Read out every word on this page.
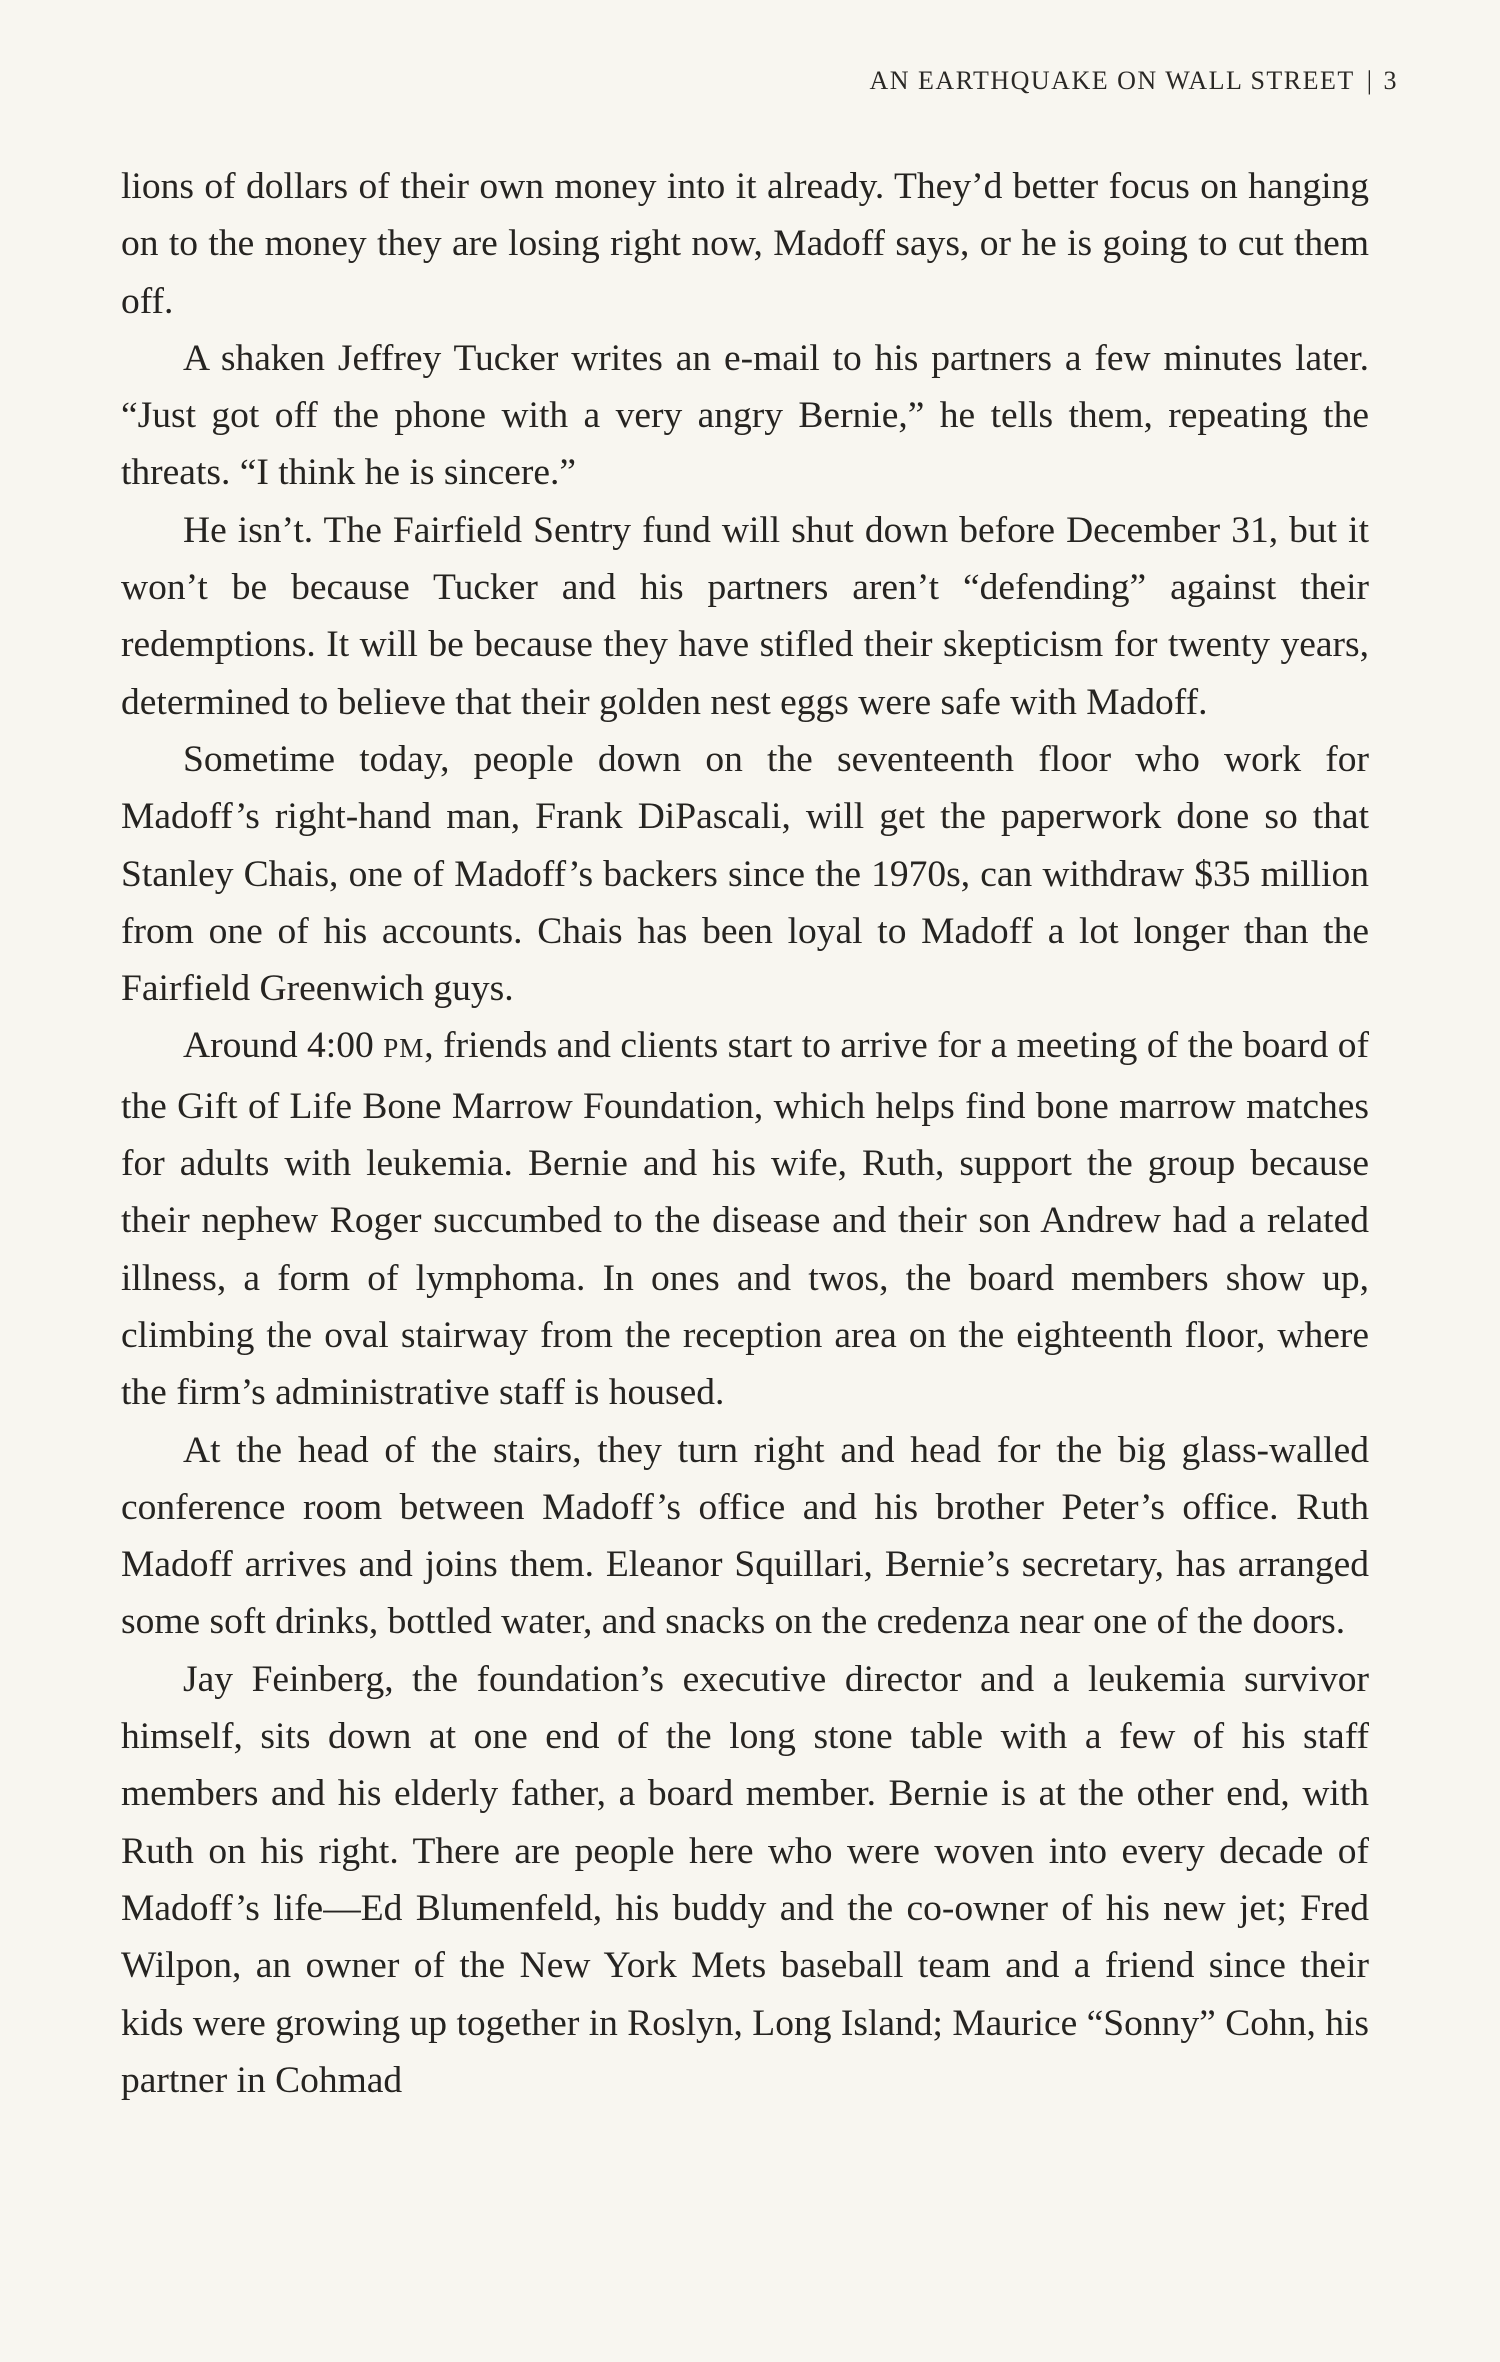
AN EARTHQUAKE ON WALL STREET | 3

lions of dollars of their own money into it already. They’d better focus on hanging on to the money they are losing right now, Madoff says, or he is going to cut them off.

A shaken Jeffrey Tucker writes an e-mail to his partners a few minutes later. “Just got off the phone with a very angry Bernie,” he tells them, repeating the threats. “I think he is sincere.”

He isn’t. The Fairfield Sentry fund will shut down before December 31, but it won’t be because Tucker and his partners aren’t “defending” against their redemptions. It will be because they have stifled their skepticism for twenty years, determined to believe that their golden nest eggs were safe with Madoff.

Sometime today, people down on the seventeenth floor who work for Madoff’s right-hand man, Frank DiPascali, will get the paperwork done so that Stanley Chais, one of Madoff’s backers since the 1970s, can withdraw $35 million from one of his accounts. Chais has been loyal to Madoff a lot longer than the Fairfield Greenwich guys.

Around 4:00 PM, friends and clients start to arrive for a meeting of the board of the Gift of Life Bone Marrow Foundation, which helps find bone marrow matches for adults with leukemia. Bernie and his wife, Ruth, support the group because their nephew Roger succumbed to the disease and their son Andrew had a related illness, a form of lymphoma. In ones and twos, the board members show up, climbing the oval stairway from the reception area on the eighteenth floor, where the firm’s administrative staff is housed.

At the head of the stairs, they turn right and head for the big glass-walled conference room between Madoff’s office and his brother Peter’s office. Ruth Madoff arrives and joins them. Eleanor Squillari, Bernie’s secretary, has arranged some soft drinks, bottled water, and snacks on the credenza near one of the doors.

Jay Feinberg, the foundation’s executive director and a leukemia survivor himself, sits down at one end of the long stone table with a few of his staff members and his elderly father, a board member. Bernie is at the other end, with Ruth on his right. There are people here who were woven into every decade of Madoff’s life—Ed Blumenfeld, his buddy and the co-owner of his new jet; Fred Wilpon, an owner of the New York Mets baseball team and a friend since their kids were growing up together in Roslyn, Long Island; Maurice “Sonny” Cohn, his partner in Cohmad
